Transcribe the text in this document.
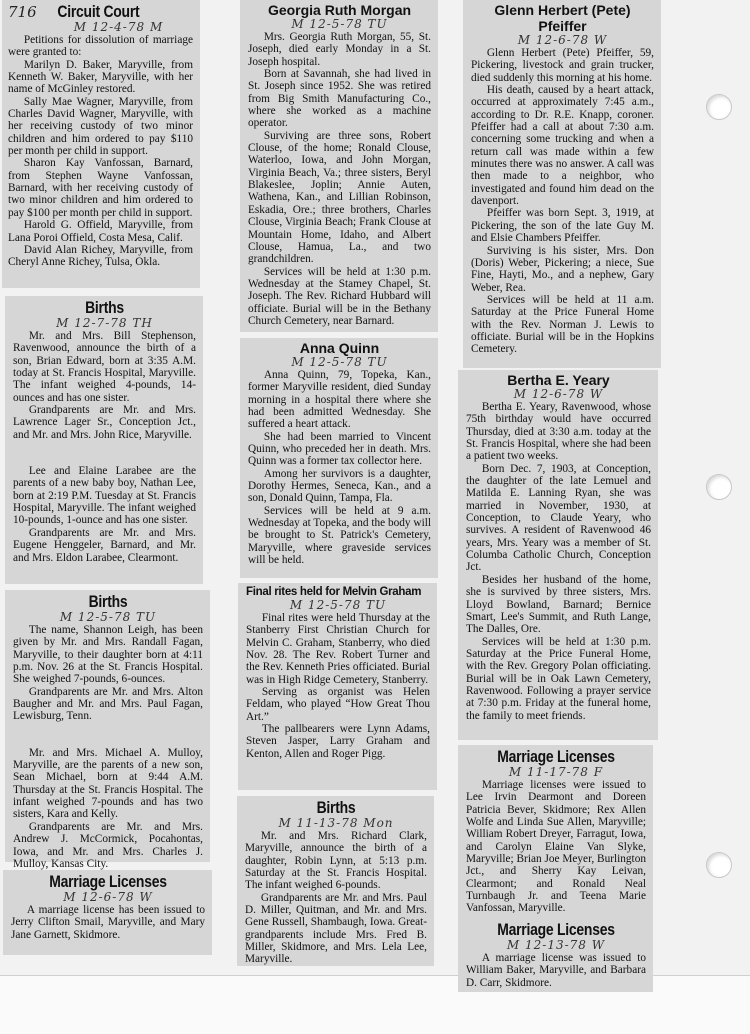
716 Circuit Court
M 12-4-78 M

Petitions for dissolution of marriage were granted to:

Marilyn D. Baker, Maryville, from Kenneth W. Baker, Maryville, with her name of McGinley restored.

Sally Mae Wagner, Maryville, from Charles David Wagner, Maryville, with her receiving custody of two minor children and him ordered to pay $110 per month per child in support.

Sharon Kay Vanfossan, Barnard, from Stephen Wayne Vanfossan, Barnard, with her receiving custody of two minor children and him ordered to pay $100 per month per child in support.

Harold G. Offield, Maryville, from Lana Poroi Offield, Costa Mesa, Calif.

David Alan Richey, Maryville, from Cheryl Anne Richey, Tulsa, Okla.

Births
M 12-7-78 TH

Mr. and Mrs. Bill Stephenson, Ravenwood, announce the birth of a son, Brian Edward, born at 3:35 A.M. today at St. Francis Hospital, Maryville. The infant weighed 4-pounds, 14-ounces and has one sister.

Grandparents are Mr. and Mrs. Lawrence Lager Sr., Conception Jct., and Mr. and Mrs. John Rice, Maryville.

Lee and Elaine Larabee are the parents of a new baby boy, Nathan Lee, born at 2:19 P.M. Tuesday at St. Francis Hospital, Maryville. The infant weighed 10-pounds, 1-ounce and has one sister.

Grandparents are Mr. and Mrs. Eugene Henggeler, Barnard, and Mr. and Mrs. Eldon Larabee, Clearmont.

Births
M 12-5-78 TU

The name, Shannon Leigh, has been given by Mr. and Mrs. Randall Fagan, Maryville, to their daughter born at 4:11 p.m. Nov. 26 at the St. Francis Hospital. She weighed 7-pounds, 6-ounces.

Grandparents are Mr. and Mrs. Alton Baugher and Mr. and Mrs. Paul Fagan, Lewisburg, Tenn.

Mr. and Mrs. Michael A. Mulloy, Maryville, are the parents of a new son, Sean Michael, born at 9:44 A.M. Thursday at the St. Francis Hospital. The infant weighed 7-pounds and has two sisters, Kara and Kelly.

Grandparents are Mr. and Mrs. Andrew J. McCormick, Pocahontas, Iowa, and Mr. and Mrs. Charles J. Mulloy, Kansas City.

Marriage Licenses
M 12-6-78 W

A marriage license has been issued to Jerry Clifton Smail, Maryville, and Mary Jane Garnett, Skidmore.

Georgia Ruth Morgan
M 12-5-78 TU

Mrs. Georgia Ruth Morgan, 55, St. Joseph, died early Monday in a St. Joseph hospital.

Born at Savannah, she had lived in St. Joseph since 1952. She was retired from Big Smith Manufacturing Co., where she worked as a machine operator.

Surviving are three sons, Robert Clouse, of the home; Ronald Clouse, Waterloo, Iowa, and John Morgan, Virginia Beach, Va.; three sisters, Beryl Blakeslee, Joplin; Annie Auten, Wathena, Kan., and Lillian Robinson, Eskadia, Ore.; three brothers, Charles Clouse, Virginia Beach; Frank Clouse at Mountain Home, Idaho, and Albert Clouse, Hamua, La., and two grandchildren.

Services will be held at 1:30 p.m. Wednesday at the Stamey Chapel, St. Joseph. The Rev. Richard Hubbard will officiate. Burial will be in the Bethany Church Cemetery, near Barnard.

Anna Quinn
M 12-5-78 TU

Anna Quinn, 79, Topeka, Kan., former Maryville resident, died Sunday morning in a hospital there where she had been admitted Wednesday. She suffered a heart attack.

She had been married to Vincent Quinn, who preceded her in death. Mrs. Quinn was a former tax collector here.

Among her survivors is a daughter, Dorothy Hermes, Seneca, Kan., and a son, Donald Quinn, Tampa, Fla.

Services will be held at 9 a.m. Wednesday at Topeka, and the body will be brought to St. Patrick's Cemetery, Maryville, where graveside services will be held.

Final rites held for Melvin Graham
M 12-5-78 TU

Final rites were held Thursday at the Stanberry First Christian Church for Melvin C. Graham, Stanberry, who died Nov. 28. The Rev. Robert Turner and the Rev. Kenneth Pries officiated. Burial was in High Ridge Cemetery, Stanberry.

Serving as organist was Helen Feldam, who played “How Great Thou Art.”

The pallbearers were Lynn Adams, Steven Jasper, Larry Graham and Kenton, Allen and Roger Pigg.

Births
M 11-13-78 Mon

Mr. and Mrs. Richard Clark, Maryville, announce the birth of a daughter, Robin Lynn, at 5:13 p.m. Saturday at the St. Francis Hospital. The infant weighed 6-pounds.

Grandparents are Mr. and Mrs. Paul D. Miller, Quitman, and Mr. and Mrs. Gene Russell, Shambaugh, Iowa. Great-grandparents include Mrs. Fred B. Miller, Skidmore, and Mrs. Lela Lee, Maryville.

Glenn Herbert (Pete) Pfeiffer
M 12-6-78 W

Glenn Herbert (Pete) Pfeiffer, 59, Pickering, livestock and grain trucker, died suddenly this morning at his home.

His death, caused by a heart attack, occurred at approximately 7:45 a.m., according to Dr. R.E. Knapp, coroner. Pfeiffer had a call at about 7:30 a.m. concerning some trucking and when a return call was made within a few minutes there was no answer. A call was then made to a neighbor, who investigated and found him dead on the davenport.

Pfeiffer was born Sept. 3, 1919, at Pickering, the son of the late Guy M. and Elsie Chambers Pfeiffer.

Surviving is his sister, Mrs. Don (Doris) Weber, Pickering; a niece, Sue Fine, Hayti, Mo., and a nephew, Gary Weber, Rea.

Services will be held at 11 a.m. Saturday at the Price Funeral Home with the Rev. Norman J. Lewis to officiate. Burial will be in the Hopkins Cemetery.

Bertha E. Yeary
M 12-6-78 W

Bertha E. Yeary, Ravenwood, whose 75th birthday would have occurred Thursday, died at 3:30 a.m. today at the St. Francis Hospital, where she had been a patient two weeks.

Born Dec. 7, 1903, at Conception, the daughter of the late Lemuel and Matilda E. Lanning Ryan, she was married in November, 1930, at Conception, to Claude Yeary, who survives. A resident of Ravenwood 46 years, Mrs. Yeary was a member of St. Columba Catholic Church, Conception Jct.

Besides her husband of the home, she is survived by three sisters, Mrs. Lloyd Bowland, Barnard; Bernice Smart, Lee's Summit, and Ruth Lange, The Dalles, Ore.

Services will be held at 1:30 p.m. Saturday at the Price Funeral Home, with the Rev. Gregory Polan officiating. Burial will be in Oak Lawn Cemetery, Ravenwood. Following a prayer service at 7:30 p.m. Friday at the funeral home, the family to meet friends.

Marriage Licenses
M 11-17-78 F

Marriage licenses were issued to Lee Irvin Dearmont and Doreen Patricia Bever, Skidmore; Rex Allen Wolfe and Linda Sue Allen, Maryville; William Robert Dreyer, Farragut, Iowa, and Carolyn Elaine Van Slyke, Maryville; Brian Joe Meyer, Burlington Jct., and Sherry Kay Leivan, Clearmont; and Ronald Neal Turnbaugh Jr. and Teena Marie Vanfossan, Maryville.

Marriage Licenses
M 12-13-78 W

A marriage license was issued to William Baker, Maryville, and Barbara D. Carr, Skidmore.
